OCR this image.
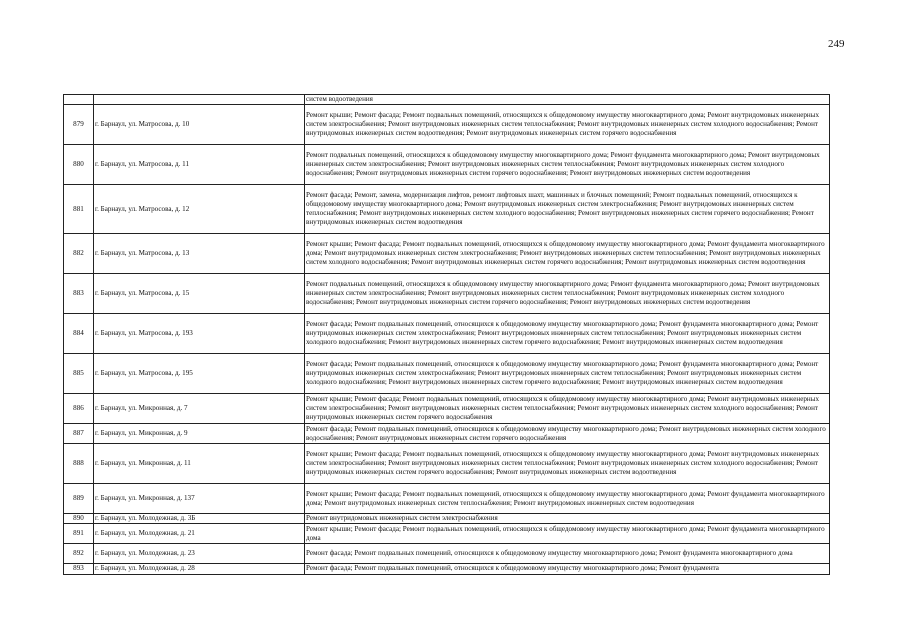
249
		систем водоотведения
879	г. Барнаул, ул. Матросова, д. 10	Ремонт крыши; Ремонт фасада; Ремонт подвальных помещений, относящихся к общедомовому имуществу многоквартирного дома; Ремонт внутридомовых инженерных систем электроснабжения; Ремонт внутридомовых инженерных систем теплоснабжения; Ремонт внутридомовых инженерных систем холодного водоснабжения; Ремонт внутридомовых инженерных систем водоотведения; Ремонт внутридомовых инженерных систем горячего водоснабжения
880	г. Барнаул, ул. Матросова, д. 11	Ремонт подвальных помещений, относящихся к общедомовому имуществу многоквартирного дома; Ремонт фундамента многоквартирного дома; Ремонт внутридомовых инженерных систем электроснабжения; Ремонт внутридомовых инженерных систем теплоснабжения; Ремонт внутридомовых инженерных систем холодного водоснабжения; Ремонт внутридомовых инженерных систем горячего водоснабжения; Ремонт внутридомовых инженерных систем водоотведения
881	г. Барнаул, ул. Матросова, д. 12	Ремонт фасада; Ремонт, замена, модернизация лифтов, ремонт лифтовых шахт, машинных и блочных помещений; Ремонт подвальных помещений, относящихся к общедомовому имуществу многоквартирного дома; Ремонт внутридомовых инженерных систем электроснабжения; Ремонт внутридомовых инженерных систем теплоснабжения; Ремонт внутридомовых инженерных систем холодного водоснабжения; Ремонт внутридомовых инженерных систем горячего водоснабжения; Ремонт внутридомовых инженерных систем водоотведения
882	г. Барнаул, ул. Матросова, д. 13	Ремонт крыши; Ремонт фасада; Ремонт подвальных помещений, относящихся к общедомовому имуществу многоквартирного дома; Ремонт фундамента многоквартирного дома; Ремонт внутридомовых инженерных систем электроснабжения; Ремонт внутридомовых инженерных систем теплоснабжения; Ремонт внутридомовых инженерных систем холодного водоснабжения; Ремонт внутридомовых инженерных систем горячего водоснабжения; Ремонт внутридомовых инженерных систем водоотведения
883	г. Барнаул, ул. Матросова, д. 15	Ремонт подвальных помещений, относящихся к общедомовому имуществу многоквартирного дома; Ремонт фундамента многоквартирного дома; Ремонт внутридомовых инженерных систем электроснабжения; Ремонт внутридомовых инженерных систем теплоснабжения; Ремонт внутридомовых инженерных систем холодного водоснабжения; Ремонт внутридомовых инженерных систем горячего водоснабжения; Ремонт внутридомовых инженерных систем водоотведения
884	г. Барнаул, ул. Матросова, д. 193	Ремонт фасада; Ремонт подвальных помещений, относящихся к общедомовому имуществу многоквартирного дома; Ремонт фундамента многоквартирного дома; Ремонт внутридомовых инженерных систем электроснабжения; Ремонт внутридомовых инженерных систем теплоснабжения; Ремонт внутридомовых инженерных систем холодного водоснабжения; Ремонт внутридомовых инженерных систем горячего водоснабжения; Ремонт внутридомовых инженерных систем водоотведения
885	г. Барнаул, ул. Матросова, д. 195	Ремонт фасада; Ремонт подвальных помещений, относящихся к общедомовому имуществу многоквартирного дома; Ремонт фундамента многоквартирного дома; Ремонт внутридомовых инженерных систем электроснабжения; Ремонт внутридомовых инженерных систем теплоснабжения; Ремонт внутридомовых инженерных систем холодного водоснабжения; Ремонт внутридомовых инженерных систем горячего водоснабжения; Ремонт внутридомовых инженерных систем водоотведения
886	г. Барнаул, ул. Микронная, д. 7	Ремонт крыши; Ремонт фасада; Ремонт подвальных помещений, относящихся к общедомовому имуществу многоквартирного дома; Ремонт внутридомовых инженерных систем электроснабжения; Ремонт внутридомовых инженерных систем теплоснабжения; Ремонт внутридомовых инженерных систем холодного водоснабжения; Ремонт внутридомовых инженерных систем горячего водоснабжения
887	г. Барнаул, ул. Микронная, д. 9	Ремонт фасада; Ремонт подвальных помещений, относящихся к общедомовому имуществу многоквартирного дома; Ремонт внутридомовых инженерных систем холодного водоснабжения; Ремонт внутридомовых инженерных систем горячего водоснабжения
888	г. Барнаул, ул. Микронная, д. 11	Ремонт крыши; Ремонт фасада; Ремонт подвальных помещений, относящихся к общедомовому имуществу многоквартирного дома; Ремонт внутридомовых инженерных систем электроснабжения; Ремонт внутридомовых инженерных систем теплоснабжения; Ремонт внутридомовых инженерных систем холодного водоснабжения; Ремонт внутридомовых инженерных систем горячего водоснабжения; Ремонт внутридомовых инженерных систем водоотведения
889	г. Барнаул, ул. Микронная, д. 137	Ремонт крыши; Ремонт фасада; Ремонт подвальных помещений, относящихся к общедомовому имуществу многоквартирного дома; Ремонт фундамента многоквартирного дома; Ремонт внутридомовых инженерных систем теплоснабжения; Ремонт внутридомовых инженерных систем водоотведения
890	г. Барнаул, ул. Молодежная, д. 3Б	Ремонт внутридомовых инженерных систем электроснабжения
891	г. Барнаул, ул. Молодежная, д. 21	Ремонт крыши; Ремонт фасада; Ремонт подвальных помещений, относящихся к общедомовому имуществу многоквартирного дома; Ремонт фундамента многоквартирного дома
892	г. Барнаул, ул. Молодежная, д. 23	Ремонт фасада; Ремонт подвальных помещений, относящихся к общедомовому имуществу многоквартирного дома; Ремонт фундамента многоквартирного дома
893	г. Барнаул, ул. Молодежная, д. 28	Ремонт фасада; Ремонт подвальных помещений, относящихся к общедомовому имуществу многоквартирного дома; Ремонт фундамента
